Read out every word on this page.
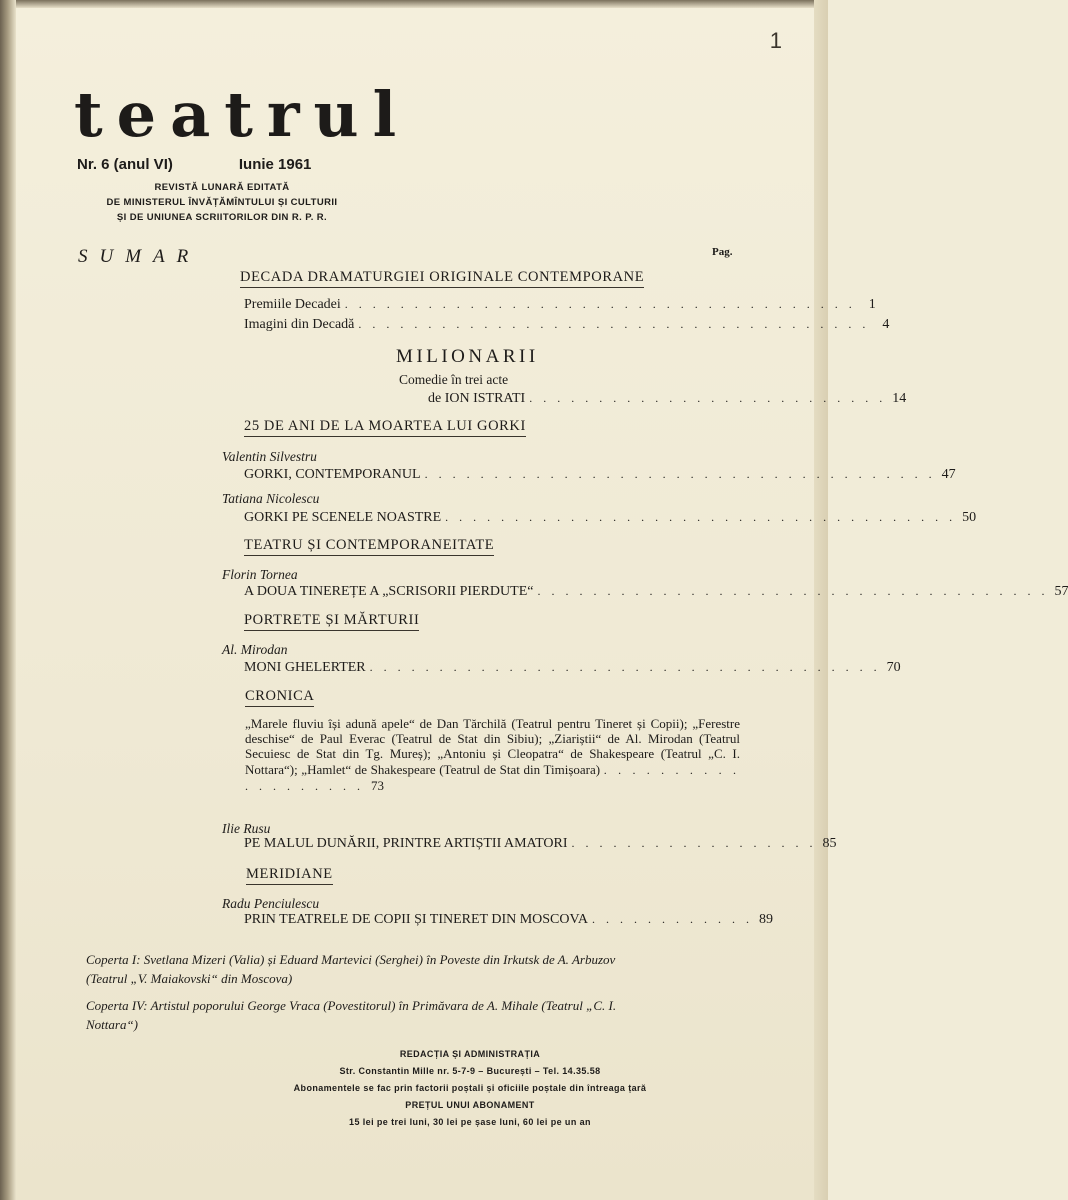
1
teatrul
Nr. 6 (anul VI)	Iunie 1961
REVISTĂ LUNARĂ EDITATĂ
DE MINISTERUL ÎNVĂȚĂMÎNTULUI ȘI CULTURII
ȘI DE UNIUNEA SCRIITORILOR DIN R. P. R.
SUMAR	Pag.
DECADA DRAMATURGIEI ORIGINALE CONTEMPORANE
Premiile Decadei . . . . . . . . . . . . . . . . . . . . . . . . . . . . . . . . . . . . . 1
Imagini din Decadă . . . . . . . . . . . . . . . . . . . . . . . . . . . . . . . . . . . . . 4
MILIONARII
Comedie în trei acte
de ION ISTRATI . . . . . . . . . . . . . . . . . . . . . . . . . . 14
25 DE ANI DE LA MOARTEA LUI GORKI
Valentin Silvestru
GORKI, CONTEMPORANUL . . . . . . . . . . . . . . . . . . . . . . . . . . . . . . . . . . . . . 47
Tatiana Nicolescu
GORKI PE SCENELE NOASTRE . . . . . . . . . . . . . . . . . . . . . . . . . . . . . . . . . . . . . 50
TEATRU ȘI CONTEMPORANEITATE
Florin Tornea
A DOUA TINEREȚE A „SCRISORII PIERDUTE“ . . . . . . . . . . . . . . . . . . . . . . . . . . . . . . . . . . . . . 57
PORTRETE ȘI MĂRTURII
Al. Mirodan
MONI GHELERTER . . . . . . . . . . . . . . . . . . . . . . . . . . . . . . . . . . . . . 70
CRONICA
„Marele fluviu își adună apele“ de Dan Tărchilă (Teatrul pentru Tineret și Copii); „Ferestre deschise“ de Paul Everac (Teatrul de Stat din Sibiu); „Ziariștii“ de Al. Mirodan (Teatrul Secuiesc de Stat din Tg. Mureș); „Antoniu și Cleopatra“ de Shakespeare (Teatrul „C. I. Nottara“); „Hamlet“ de Shakespeare (Teatrul de Stat din Timișoara) . . . . . . . . . . . . . . . . . . . 73
Ilie Rusu
PE MALUL DUNĂRII, PRINTRE ARTIȘTII AMATORI . . . . . . . . . . . . . . . . . . 85
MERIDIANE
Radu Penciulescu
PRIN TEATRELE DE COPII ȘI TINERET DIN MOSCOVA . . . . . . . . . . . . 89
Coperta I: Svetlana Mizeri (Valia) și Eduard Martevici (Serghei) în Poveste din Irkutsk de A. Arbuzov (Teatrul „V. Maiakovski“ din Moscova)
Coperta IV: Artistul poporului George Vraca (Povestitorul) în Primăvara de A. Mihale (Teatrul „C. I. Nottara“)
REDACȚIA ȘI ADMINISTRAȚIA
Str. Constantin Mille nr. 5-7-9 – București – Tel. 14.35.58
Abonamentele se fac prin factorii poștali și oficiile poștale din întreaga țară
PREȚUL UNUI ABONAMENT
15 lei pe trei luni, 30 lei pe șase luni, 60 lei pe un an
